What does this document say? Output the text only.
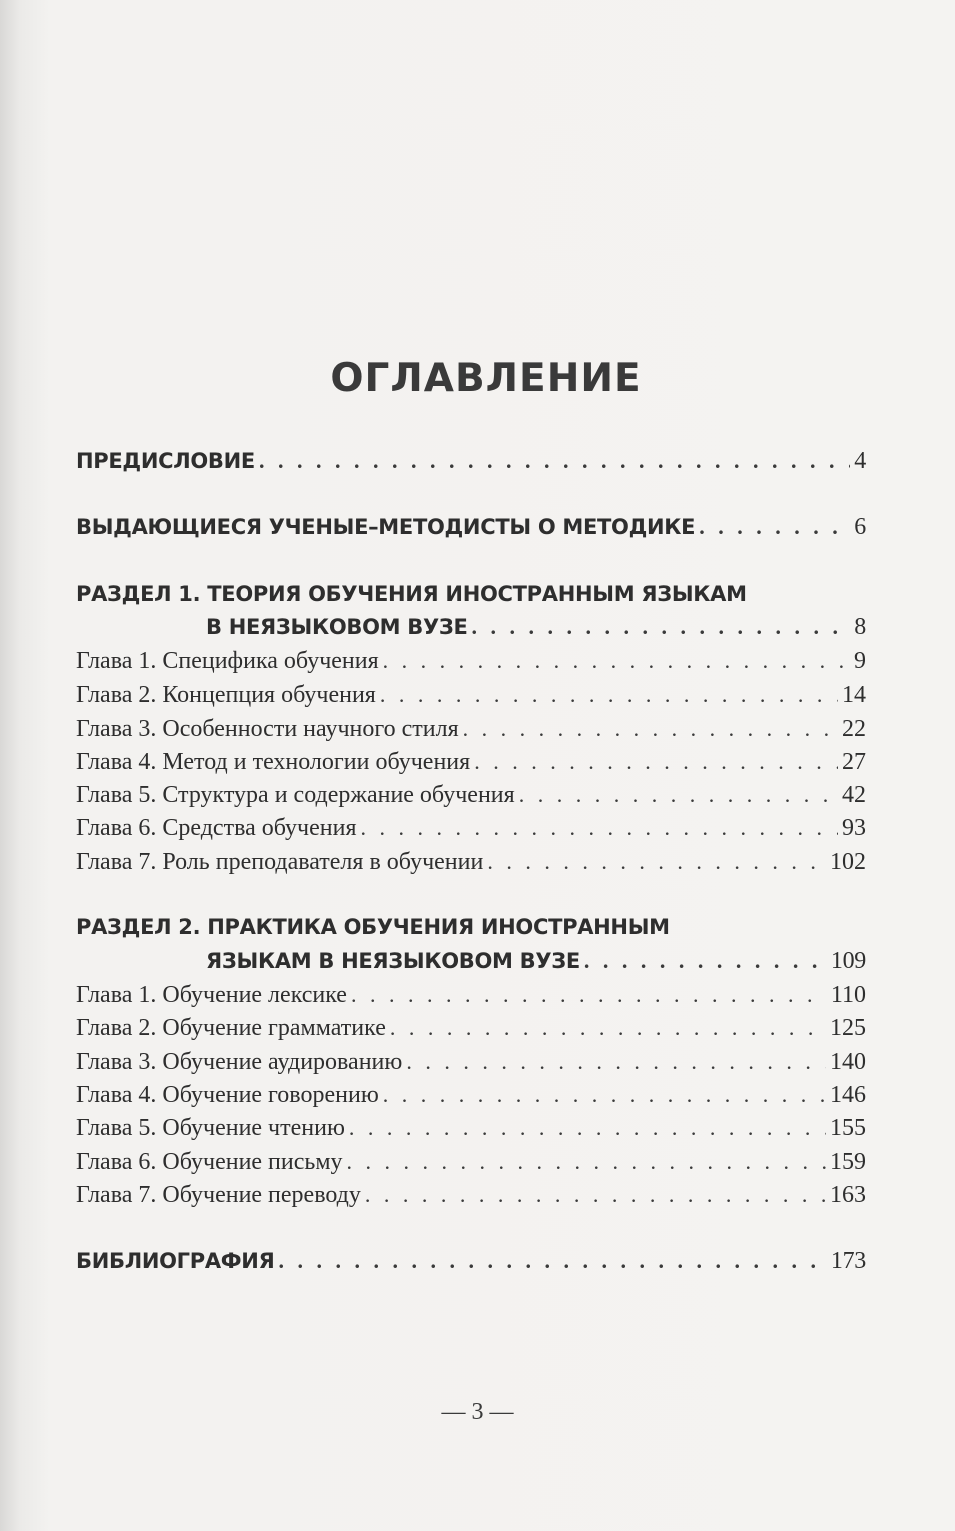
ОГЛАВЛЕНИЕ
ПРЕДИСЛОВИЕ . . .	4
ВЫДАЮЩИЕСЯ УЧЕНЫЕ–МЕТОДИСТЫ О МЕТОДИКЕ . . .	6
РАЗДЕЛ 1. ТЕОРИЯ ОБУЧЕНИЯ ИНОСТРАННЫМ ЯЗЫКАМ
В НЕЯЗЫКОВОМ ВУЗЕ . . .	8
Глава 1. Специфика обучения . . .	9
Глава 2. Концепция обучения . . .	14
Глава 3. Особенности научного стиля . . .	22
Глава 4. Метод и технологии обучения . . .	27
Глава 5. Структура и содержание обучения . . .	42
Глава 6. Средства обучения . . .	93
Глава 7. Роль преподавателя в обучении . . .	102
РАЗДЕЛ 2. ПРАКТИКА ОБУЧЕНИЯ ИНОСТРАННЫМ
ЯЗЫКАМ В НЕЯЗЫКОВОМ ВУЗЕ . . .	109
Глава 1. Обучение лексике . . .	110
Глава 2. Обучение грамматике . . .	125
Глава 3. Обучение аудированию . . .	140
Глава 4. Обучение говорению . . .	146
Глава 5. Обучение чтению . . .	155
Глава 6. Обучение письму . . .	159
Глава 7. Обучение переводу . . .	163
БИБЛИОГРАФИЯ . . .	173
— 3 —
